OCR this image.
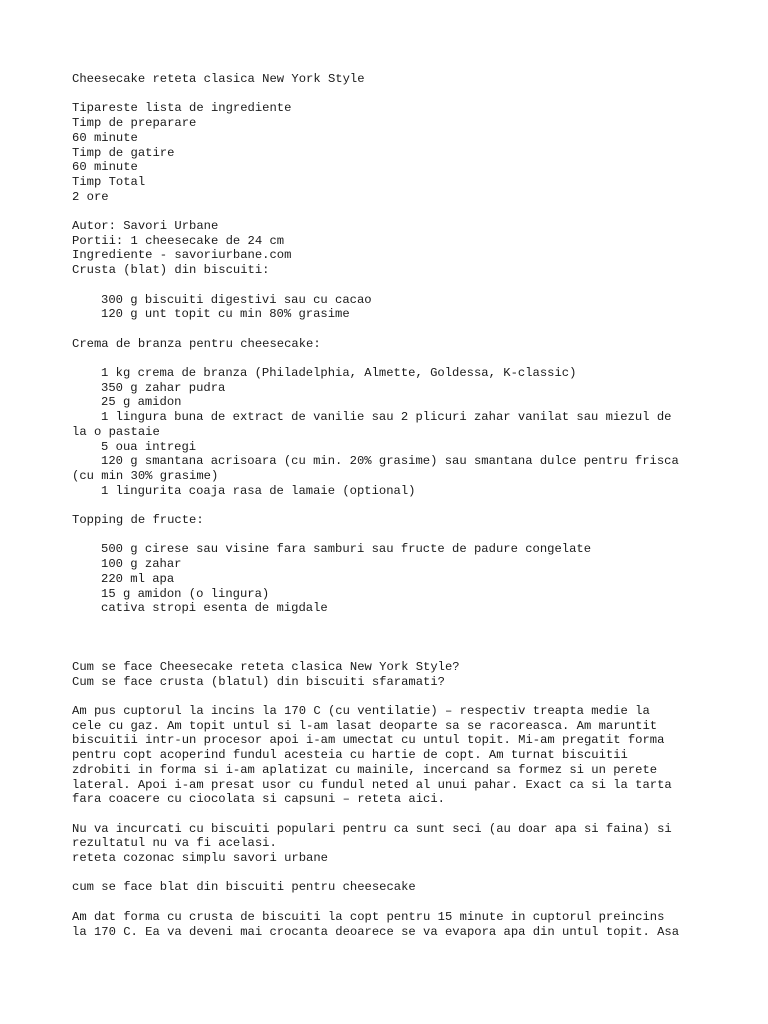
Cheesecake reteta clasica New York Style
Tipareste lista de ingrediente
Timp de preparare
60 minute
Timp de gatire
60 minute
Timp Total
2 ore
Autor: Savori Urbane
Portii: 1 cheesecake de 24 cm
Ingrediente - savoriurbane.com
Crusta (blat) din biscuiti:
300 g biscuiti digestivi sau cu cacao
120 g unt topit cu min 80% grasime
Crema de branza pentru cheesecake:
1 kg crema de branza (Philadelphia, Almette, Goldessa, K-classic)
350 g zahar pudra
25 g amidon
1 lingura buna de extract de vanilie sau 2 plicuri zahar vanilat sau miezul de
la o pastaie
5 oua intregi
120 g smantana acrisoara (cu min. 20% grasime) sau smantana dulce pentru frisca
(cu min 30% grasime)
1 lingurita coaja rasa de lamaie (optional)
Topping de fructe:
500 g cirese sau visine fara samburi sau fructe de padure congelate
100 g zahar
220 ml apa
15 g amidon (o lingura)
cativa stropi esenta de migdale
Cum se face Cheesecake reteta clasica New York Style?
Cum se face crusta (blatul) din biscuiti sfaramati?
Am pus cuptorul la incins la 170 C (cu ventilatie) – respectiv treapta medie la
cele cu gaz. Am topit untul si l-am lasat deoparte sa se racoreasca. Am maruntit
biscuitii intr-un procesor apoi i-am umectat cu untul topit. Mi-am pregatit forma
pentru copt acoperind fundul acesteia cu hartie de copt. Am turnat biscuitii
zdrobiti in forma si i-am aplatizat cu mainile, incercand sa formez si un perete
lateral. Apoi i-am presat usor cu fundul neted al unui pahar. Exact ca si la tarta
fara coacere cu ciocolata si capsuni – reteta aici.
Nu va incurcati cu biscuiti populari pentru ca sunt seci (au doar apa si faina) si
rezultatul nu va fi acelasi.
reteta cozonac simplu savori urbane
cum se face blat din biscuiti pentru cheesecake
Am dat forma cu crusta de biscuiti la copt pentru 15 minute in cuptorul preincins
la 170 C. Ea va deveni mai crocanta deoarece se va evapora apa din untul topit. Asa
